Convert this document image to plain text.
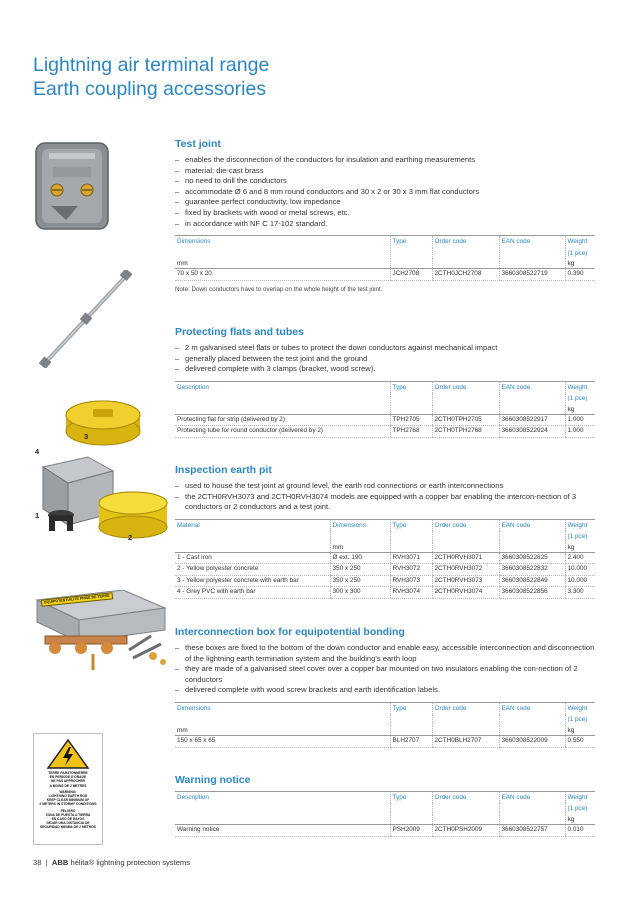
Lightning air terminal range
Earth coupling accessories
3
4
1
2
EQUIPOTENTIALITE PRISE DE TERRE
TERRE PARATONNERRE
EN PERIODE D'ORAGE
NE PAS APPROCHER
A MOINS DE 2 METRES
WARNING:
LIGHTNING EARTH ROD
KEEP CLEAR MINIMUM OF
2 METERS IN STORMY CONDITIONS
PELIGRO
ZONA DE PUESTA A TIERRA
EN CASO DE RAYOS
DEJAR UNA DISTANCIA DE
SEGURIDAD MINIMA DE 2 METROS
Test joint
– enables the disconnection of the conductors for insulation and earthing measurements
– material: die-cast brass
– no need to drill the conductors
– accommodate Ø 6 and 8 mm round conductors and 30 x 2 or 30 x 3 mm flat conductors
– guarantee perfect conductivity, low impedance
– fixed by brackets with wood or metal screws, etc.
– in accordance with NF C 17-102 standard.
Dimensions	Type	Order code	EAN code	Weight
				(1 pce)
mm				kg
70 x 50 x 20	JCH2708	2CTH0JCH2708	3660308522719	0.390
Note: Down conductors have to overlap on the whole height of the test joint.
Protecting flats and tubes
– 2 m galvanised steel flats or tubes to protect the down conductors against mechanical impact
– generally placed between the test joint and the ground
– delivered complete with 3 clamps (bracket, wood screw).
Description	Type	Order code	EAN code	Weight
				(1 pce)
				kg
Protecting flat for strip (delivered by 2)	TPH2705	2CTH0TPH2705	3660308522917	1.000
Protecting tube for round conductor (delivered by 2)	TPH2768	2CTH0TPH2768	3660308522924	1.000
Inspection earth pit
– used to house the test joint at ground level, the earth rod connections or earth interconnections
– the 2CTH0RVH3073 and 2CTH0RVH3074 models are equipped with a copper bar enabling the intercon-nection of 3 conductors or 2 conductors and a test joint.
Material	Dimensions	Type	Order code	EAN code	Weight
					(1 pce)
	mm				kg
1 - Cast iron	Ø ext. 190	RVH3071	2CTH0RVH3071	3660308522825	2.400
2 - Yellow polyester concrete	350 x 250	RVH3072	2CTH0RVH3072	3660308522832	10.000
3 - Yellow polyester concrete with earth bar	350 x 250	RVH3073	2CTH0RVH3073	3660308522849	10.000
4 - Grey PVC with earth bar	300 x 300	RVH3074	2CTH0RVH3074	3660308522856	3.300
Interconnection box for equipotential bonding
– these boxes are fixed to the bottom of the down conductor and enable easy, accessible interconnection and disconnection of the lightning earth termination system and the building's earth loop
– they are made of a galvanised steel cover over a copper bar mounted on two insulators enabling the con-nection of 2 conductors
– delivered complete with wood screw brackets and earth identification labels.
Dimensions	Type	Order code	EAN code	Weight
				(1 pce)
mm				kg
150 x 65 x 65	BLH2707	2CTH0BLH2707	3660308522009	0.550
Warning notice
Description	Type	Order code	EAN code	Weight
				(1 pce)
				kg
Warning notice	PSH2009	2CTH0PSH2009	3660308522757	0.010
38 | ABB hélita® lightning protection systems
